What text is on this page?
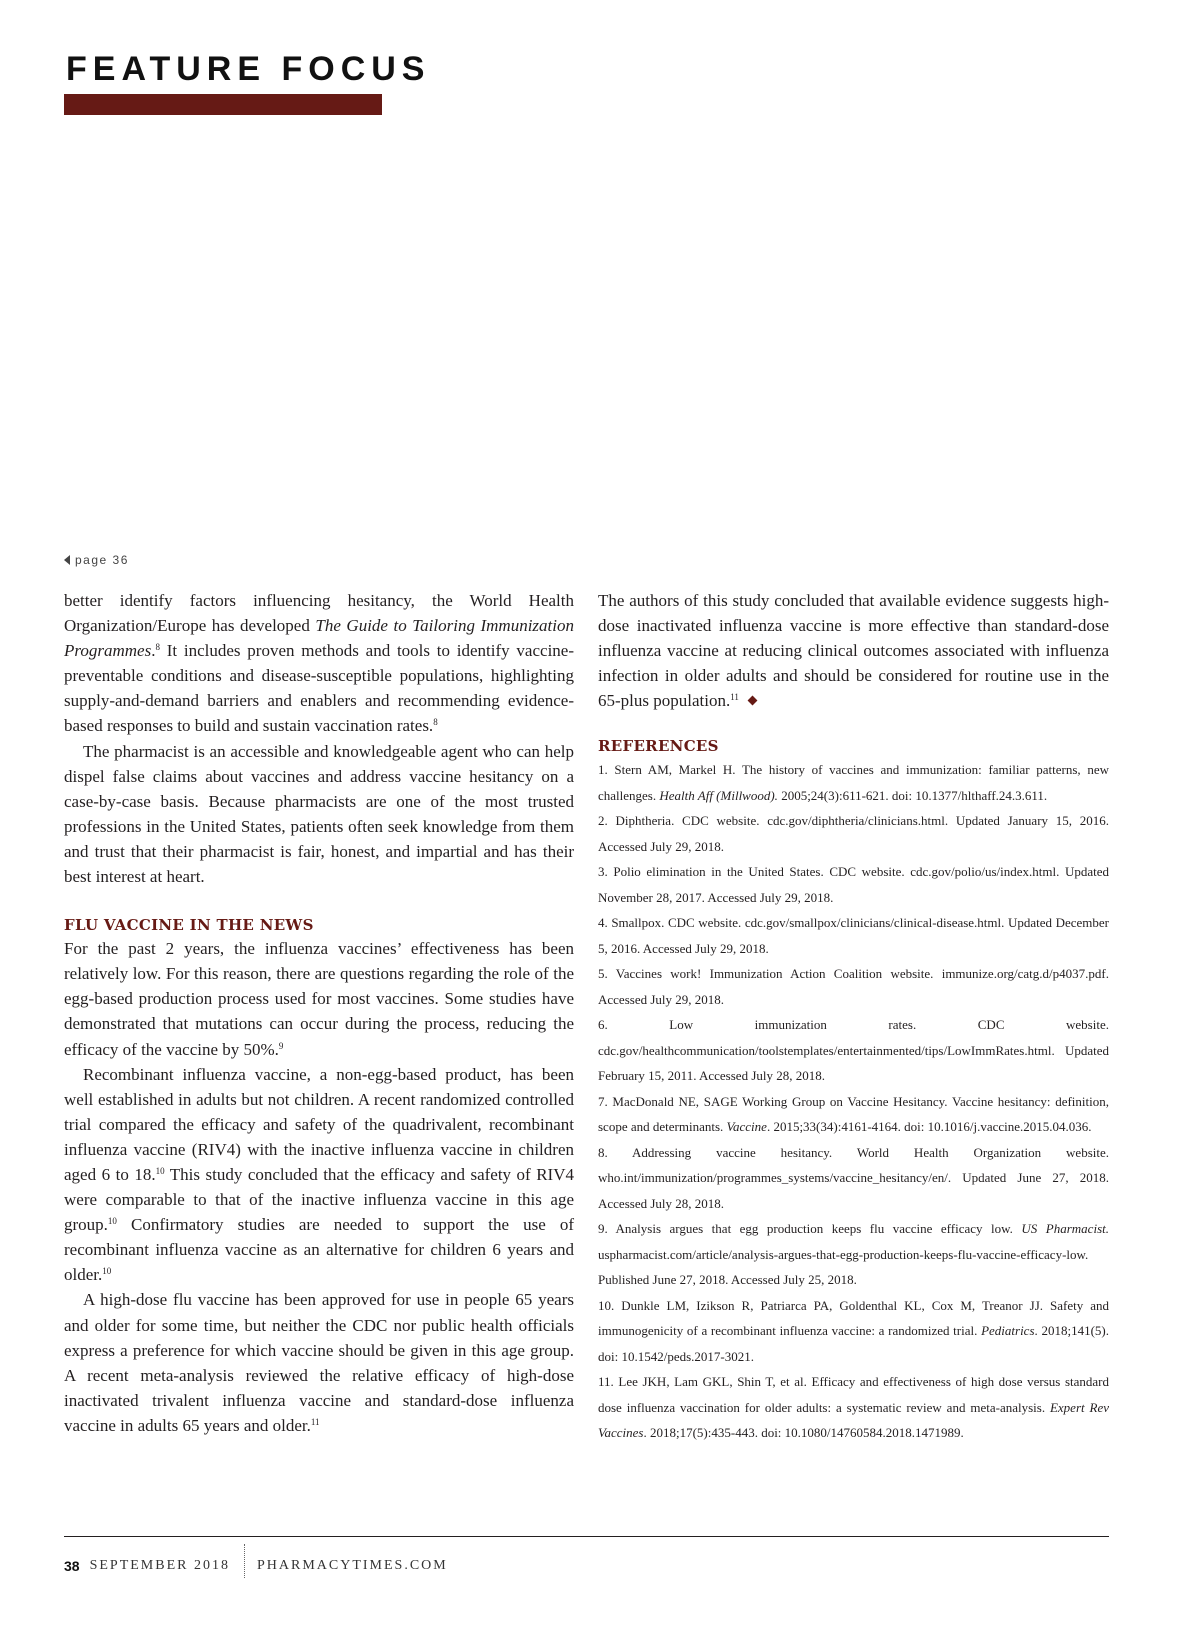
FEATURE FOCUS
page 36

better identify factors influencing hesitancy, the World Health Organization/Europe has developed The Guide to Tailoring Immunization Programmes.$^8$ It includes proven methods and tools to identify vaccine-preventable conditions and disease-susceptible populations, highlighting supply-and-demand barriers and enablers and recommending evidence-based responses to build and sustain vaccination rates.$^8$

The pharmacist is an accessible and knowledgeable agent who can help dispel false claims about vaccines and address vaccine hesitancy on a case-by-case basis. Because pharmacists are one of the most trusted professions in the United States, patients often seek knowledge from them and trust that their pharmacist is fair, honest, and impartial and has their best interest at heart.

FLU VACCINE IN THE NEWS

For the past 2 years, the influenza vaccines’ effectiveness has been relatively low. For this reason, there are questions regarding the role of the egg-based production process used for most vaccines. Some studies have demonstrated that mutations can occur during the process, reducing the efficacy of the vaccine by 50%.$^9$

Recombinant influenza vaccine, a non-egg-based product, has been well established in adults but not children. A recent randomized controlled trial compared the efficacy and safety of the quadrivalent, recombinant influenza vaccine (RIV4) with the inactive influenza vaccine in children aged 6 to 18.10 This study concluded that the efficacy and safety of RIV4 were comparable to that of the inactive influenza vaccine in this age group.$^{10}$ Confirmatory studies are needed to support the use of recombinant influenza vaccine as an alternative for children 6 years and older.$^{10}$

A high-dose flu vaccine has been approved for use in people 65 years and older for some time, but neither the CDC nor public health officials express a preference for which vaccine should be given in this age group. A recent meta-analysis reviewed the relative efficacy of high-dose inactivated trivalent influenza vaccine and standard-dose influenza vaccine in adults 65 years and older.$^{11}$

The authors of this study concluded that available evidence suggests high-dose inactivated influenza vaccine is more effective than standard-dose influenza vaccine at reducing clinical outcomes associated with influenza infection in older adults and should be considered for routine use in the 65-plus population.$^{11}$

REFERENCES

1. Stern AM, Markel H. The history of vaccines and immunization: familiar patterns, new challenges. Health Aff (Millwood). 2005;24(3):611-621. doi: 10.1377/hlthaff.24.3.611.

2. Diphtheria. CDC website. cdc.gov/diphtheria/clinicians.html. Updated January 15, 2016. Accessed July 29, 2018.

3. Polio elimination in the United States. CDC website. cdc.gov/polio/us/index.html. Updated November 28, 2017. Accessed July 29, 2018.

4. Smallpox. CDC website. cdc.gov/smallpox/clinicians/clinical-disease.html. Updated December 5, 2016. Accessed July 29, 2018.

5. Vaccines work! Immunization Action Coalition website. immunize.org/catg.d/p4037.pdf. Accessed July 29, 2018.

6. Low immunization rates. CDC website. cdc.gov/healthcommunication/toolstemplates/entertainmented/tips/LowImmRates.html. Updated February 15, 2011. Accessed July 28, 2018.

7. MacDonald NE, SAGE Working Group on Vaccine Hesitancy. Vaccine hesitancy: definition, scope and determinants. Vaccine. 2015;33(34):4161-4164. doi: 10.1016/j.vaccine.2015.04.036.

8. Addressing vaccine hesitancy. World Health Organization website. who.int/immunization/programmes_systems/vaccine_hesitancy/en/. Updated June 27, 2018. Accessed July 28, 2018.

9. Analysis argues that egg production keeps flu vaccine efficacy low. US Pharmacist. uspharmacist.com/article/analysis-argues-that-egg-production-keeps-flu-vaccine-efficacy-low. Published June 27, 2018. Accessed July 25, 2018.

10. Dunkle LM, Izikson R, Patriarca PA, Goldenthal KL, Cox M, Treanor JJ. Safety and immunogenicity of a recombinant influenza vaccine: a randomized trial. Pediatrics. 2018;141(5). doi: 10.1542/peds.2017-3021.

11. Lee JKH, Lam GKL, Shin T, et al. Efficacy and effectiveness of high dose versus standard dose influenza vaccination for older adults: a systematic review and meta-analysis. Expert Rev Vaccines. 2018;17(5):435-443. doi: 10.1080/14760584.2018.1471989.

38 SEPTEMBER 2018 PHARMACYTIMES.COM
